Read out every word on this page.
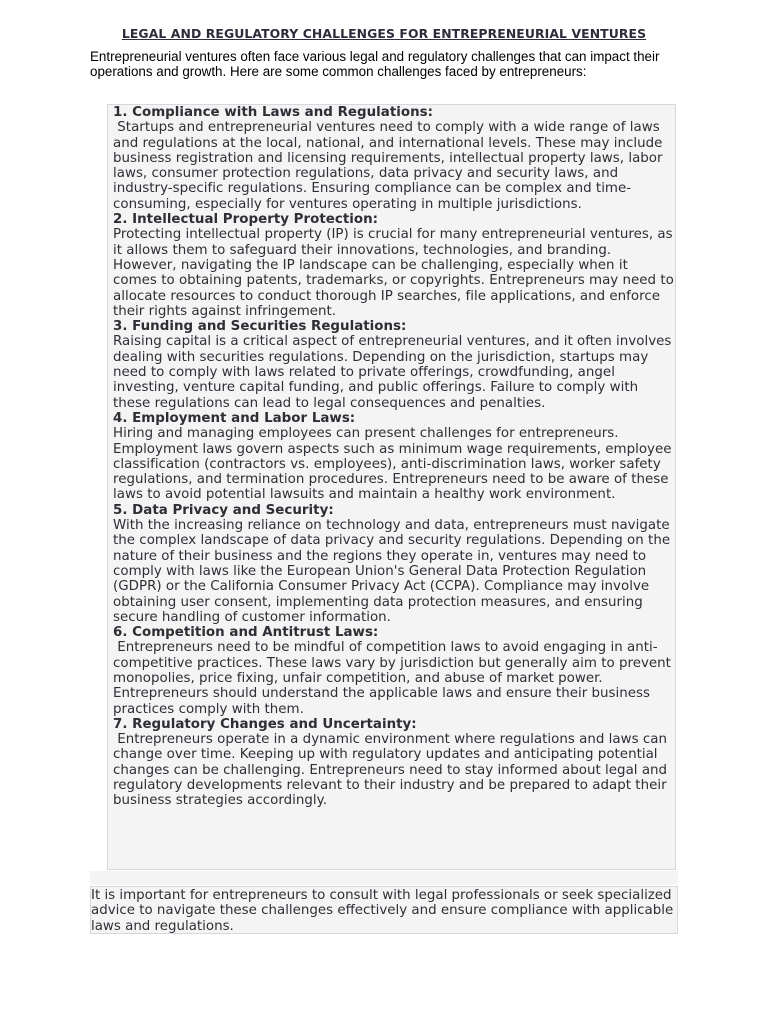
LEGAL AND REGULATORY CHALLENGES FOR ENTREPRENEURIAL VENTURES
Entrepreneurial ventures often face various legal and regulatory challenges that can impact their operations and growth. Here are some common challenges faced by entrepreneurs:
1. Compliance with Laws and Regulations:
Startups and entrepreneurial ventures need to comply with a wide range of laws and regulations at the local, national, and international levels. These may include business registration and licensing requirements, intellectual property laws, labor laws, consumer protection regulations, data privacy and security laws, and industry-specific regulations. Ensuring compliance can be complex and time-consuming, especially for ventures operating in multiple jurisdictions.
2. Intellectual Property Protection:
Protecting intellectual property (IP) is crucial for many entrepreneurial ventures, as it allows them to safeguard their innovations, technologies, and branding. However, navigating the IP landscape can be challenging, especially when it comes to obtaining patents, trademarks, or copyrights. Entrepreneurs may need to allocate resources to conduct thorough IP searches, file applications, and enforce their rights against infringement.
3. Funding and Securities Regulations:
Raising capital is a critical aspect of entrepreneurial ventures, and it often involves dealing with securities regulations. Depending on the jurisdiction, startups may need to comply with laws related to private offerings, crowdfunding, angel investing, venture capital funding, and public offerings. Failure to comply with these regulations can lead to legal consequences and penalties.
4. Employment and Labor Laws:
Hiring and managing employees can present challenges for entrepreneurs. Employment laws govern aspects such as minimum wage requirements, employee classification (contractors vs. employees), anti-discrimination laws, worker safety regulations, and termination procedures. Entrepreneurs need to be aware of these laws to avoid potential lawsuits and maintain a healthy work environment.
5. Data Privacy and Security:
With the increasing reliance on technology and data, entrepreneurs must navigate the complex landscape of data privacy and security regulations. Depending on the nature of their business and the regions they operate in, ventures may need to comply with laws like the European Union's General Data Protection Regulation (GDPR) or the California Consumer Privacy Act (CCPA). Compliance may involve obtaining user consent, implementing data protection measures, and ensuring secure handling of customer information.
6. Competition and Antitrust Laws:
Entrepreneurs need to be mindful of competition laws to avoid engaging in anti-competitive practices. These laws vary by jurisdiction but generally aim to prevent monopolies, price fixing, unfair competition, and abuse of market power. Entrepreneurs should understand the applicable laws and ensure their business practices comply with them.
7. Regulatory Changes and Uncertainty:
Entrepreneurs operate in a dynamic environment where regulations and laws can change over time. Keeping up with regulatory updates and anticipating potential changes can be challenging. Entrepreneurs need to stay informed about legal and regulatory developments relevant to their industry and be prepared to adapt their business strategies accordingly.
It is important for entrepreneurs to consult with legal professionals or seek specialized advice to navigate these challenges effectively and ensure compliance with applicable laws and regulations.
